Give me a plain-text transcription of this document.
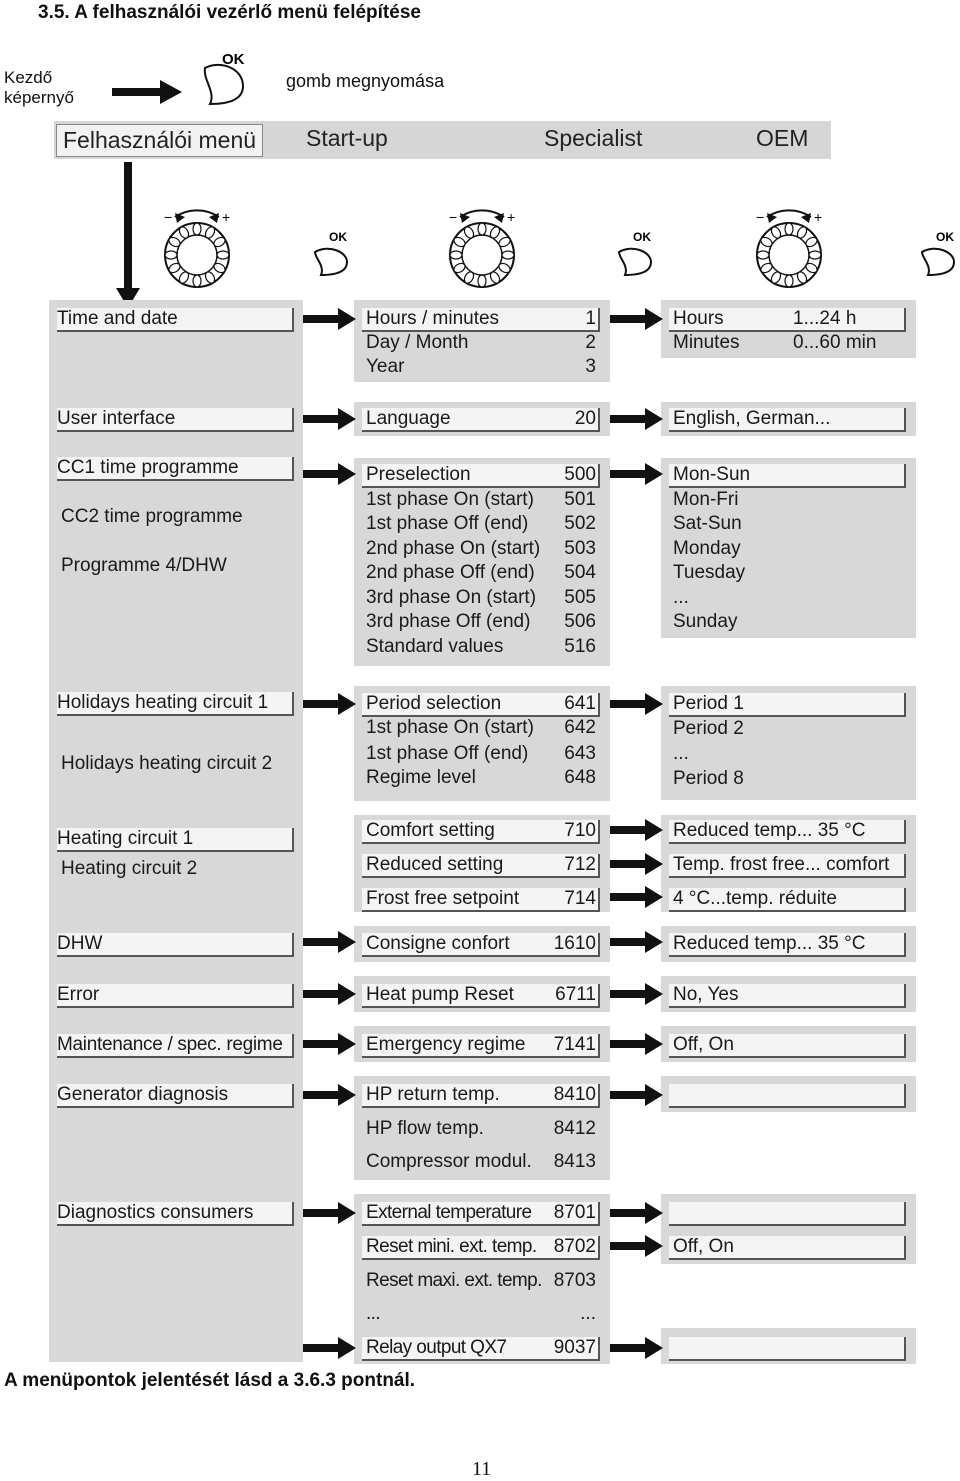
3.5. A felhasználói vezérlő menü felépítése
Kezdő képernyő
gomb megnyomása
OK
−	+
OK
−	+
OK
−	+
OK
Felhasználói menü	Start-up	Specialist	OEM
Time and date
User interface
CC1 time programme
CC2 time programme
Programme 4/DHW
Holidays heating circuit 1
Holidays heating circuit 2
Heating circuit 1
Heating circuit 2
DHW
Error
Maintenance / spec. regime
Generator diagnosis
Diagnostics consumers
Hours / minutes	1
Day / Month	2
Year	3
Language	20
Preselection	500
1st phase On (start)	501
1st phase Off (end)	502
2nd phase On (start)	503
2nd phase Off (end)	504
3rd phase On (start)	505
3rd phase Off (end)	506
Standard values	516
Period selection	641
1st phase On (start)	642
1st phase Off (end)	643
Regime level	648
Comfort setting	710
Reduced setting	712
Frost free setpoint	714
Consigne confort	1610
Heat pump Reset	6711
Emergency regime	7141
HP return temp.	8410
HP flow temp.	8412
Compressor modul.	8413
External temperature	8701
Reset mini. ext. temp. 8702
Reset maxi. ext. temp. 8703
...	...
Relay output QX7	9037
Hours	1...24 h
Minutes	0...60 min
English, German...
Mon-Sun
Mon-Fri
Sat-Sun
Monday
Tuesday
...
Sunday
Period 1
Period 2
...
Period 8
Reduced temp... 35 °C
Temp. frost free... comfort
4 °C...temp. réduite
Reduced temp... 35 °C
No, Yes
Off, On
Off, On
A menüpontok jelentését lásd a 3.6.3 pontnál.
11
